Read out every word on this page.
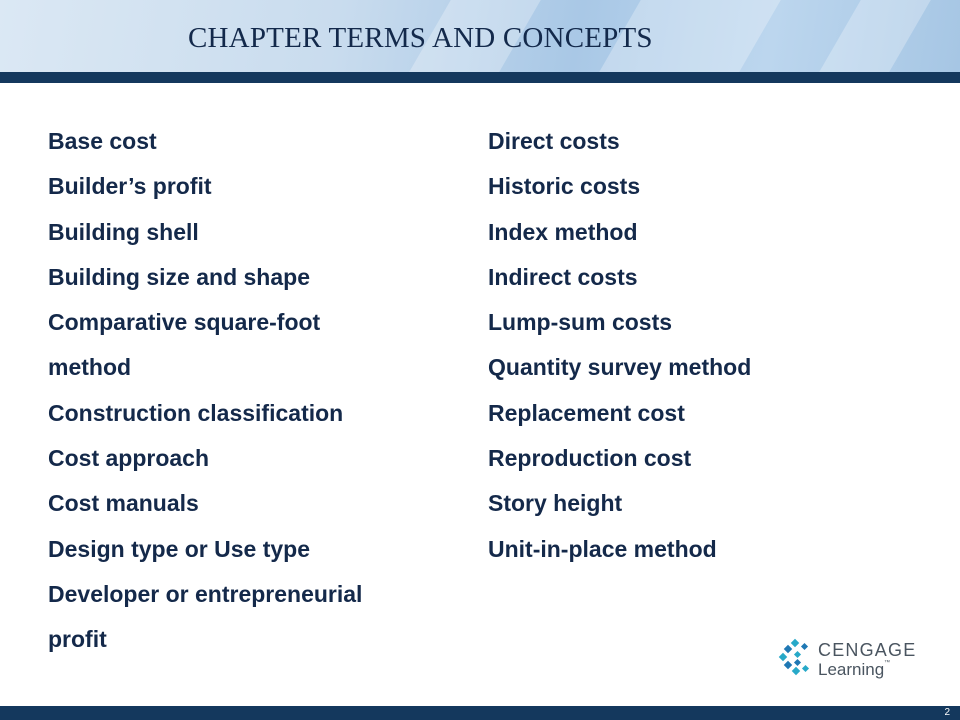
CHAPTER TERMS AND CONCEPTS
Base cost
Builder’s profit
Building shell
Building size and shape
Comparative square-foot
method
Construction classification
Cost approach
Cost manuals
Design type or Use type
Developer or entrepreneurial
profit
Direct costs
Historic costs
Index method
Indirect costs
Lump-sum costs
Quantity survey method
Replacement cost
Reproduction cost
Story height
Unit-in-place method
CENGAGE
Learning™
2
